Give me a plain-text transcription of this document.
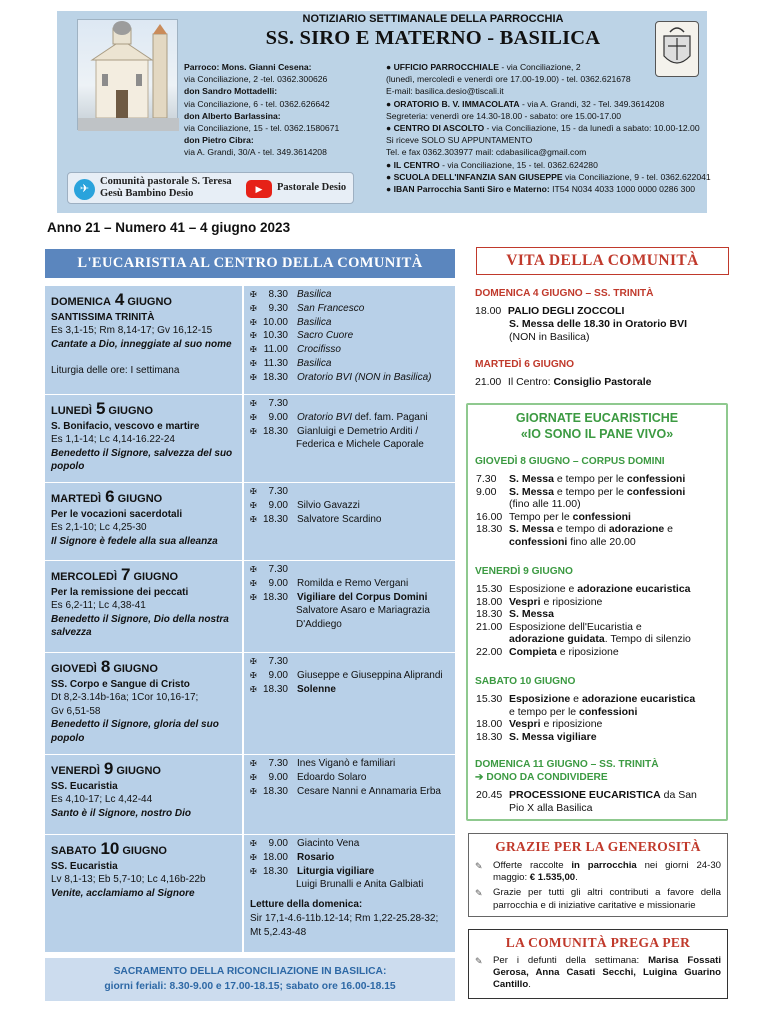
NOTIZIARIO SETTIMANALE DELLA PARROCCHIA
SS. SIRO E MATERNO - BASILICA
Parroco: Mons. Gianni Cesena:
via Conciliazione, 2 -tel. 0362.300626
don Sandro Mottadelli:
via Conciliazione, 6 - tel. 0362.626642
don Alberto Barlassina:
via Conciliazione, 15 - tel. 0362.1580671
don Pietro Cibra:
via A. Grandi, 30/A - tel. 349.3614208
● UFFICIO PARROCCHIALE - via Conciliazione, 2
(lunedì, mercoledì e venerdì ore 17.00-19.00) - tel. 0362.621678
E-mail: basilica.desio@tiscali.it
● ORATORIO B. V. IMMACOLATA - via A. Grandi, 32 - Tel. 349.3614208
Segreteria: venerdì ore 14.30-18.00 - sabato: ore 15.00-17.00
● CENTRO DI ASCOLTO - via Conciliazione, 15 - da lunedì a sabato: 10.00-12.00
Si riceve SOLO SU APPUNTAMENTO
Tel. e fax 0362.303977 mail: cdabasilica@gmail.com
● IL CENTRO - via Conciliazione, 15 - tel. 0362.624280
● SCUOLA DELL'INFANZIA SAN GIUSEPPE via Conciliazione, 9 - tel. 0362.622041
● IBAN Parrocchia Santi Siro e Materno: IT54 N034 4033 1000 0000 0286 300
✈
Comunità pastorale S. Teresa
Gesù Bambino Desio	▶	Pastorale Desio
Anno 21 – Numero 41 – 4 giugno 2023
L'EUCARISTIA AL CENTRO DELLA COMUNITÀ
DOMENICA 4 GIUGNO
SANTISSIMA TRINITÀ
Es 3,1-15; Rm 8,14-17; Gv 16,12-15
Cantate a Dio, inneggiate al suo nome
Liturgia delle ore: I settimana
✠	8.30 Basilica
✠	9.30 San Francesco
✠ 10.00 Basilica
✠ 10.30 Sacro Cuore
✠ 11.00 Crocifisso
✠ 11.30 Basilica
✠ 18.30 Oratorio BVI (NON in Basilica)
LUNEDÌ 5 GIUGNO
S. Bonifacio, vescovo e martire
Es 1,1-14; Lc 4,14-16.22-24
Benedetto il Signore, salvezza del suo
popolo
✠	7.30
✠	9.00 Oratorio BVI def. fam. Pagani
✠ 18.30 Gianluigi e Demetrio Arditi /
Federica e Michele Caporale
MARTEDÌ 6 GIUGNO
Per le vocazioni sacerdotali
Es 2,1-10; Lc 4,25-30
Il Signore è fedele alla sua alleanza
✠	7.30
✠	9.00 Silvio Gavazzi
✠ 18.30 Salvatore Scardino
MERCOLEDÌ 7 GIUGNO
Per la remissione dei peccati
Es 6,2-11; Lc 4,38-41
Benedetto il Signore, Dio della nostra
salvezza
✠	7.30
✠	9.00 Romilda e Remo Vergani
✠ 18.30 Vigiliare del Corpus Domini
Salvatore Asaro e Mariagrazia
D'Addiego
GIOVEDÌ 8 GIUGNO
SS. Corpo e Sangue di Cristo
Dt 8,2-3.14b-16a; 1Cor 10,16-17;
Gv 6,51-58
Benedetto il Signore, gloria del suo
popolo
✠	7.30
✠	9.00 Giuseppe e Giuseppina Aliprandi
✠ 18.30 Solenne
VENERDÌ 9 GIUGNO
SS. Eucaristia
Es 4,10-17; Lc 4,42-44
Santo è il Signore, nostro Dio
✠	7.30 Ines Viganò e familiari
✠	9.00 Edoardo Solaro
✠ 18.30 Cesare Nanni e Annamaria Erba
SABATO 10 GIUGNO
SS. Eucaristia
Lv 8,1-13; Eb 5,7-10; Lc 4,16b-22b
Venite, acclamiamo al Signore
✠	9.00 Giacinto Vena
✠ 18.00 Rosario
✠ 18.30 Liturgia vigiliare
Luigi Brunalli e Anita Galbiati
Letture della domenica:
Sir 17,1-4.6-11b.12-14; Rm 1,22-25.28-32;
Mt 5,2.43-48
SACRAMENTO DELLA RICONCILIAZIONE IN BASILICA:
giorni feriali: 8.30-9.00 e 17.00-18.15; sabato ore 16.00-18.15
VITA DELLA COMUNITÀ
DOMENICA 4 GIUGNO – SS. TRINITÀ
18.00 PALIO DEGLI ZOCCOLI
S. Messa delle 18.30 in Oratorio BVI
(NON in Basilica)
MARTEDÌ 6 GIUGNO
21.00 Il Centro: Consiglio Pastorale
GIORNATE EUCARISTICHE
«IO SONO IL PANE VIVO»
GIOVEDÌ 8 GIUGNO – CORPUS DOMINI
7.30 S. Messa e tempo per le confessioni
9.00 S. Messa e tempo per le confessioni
(fino alle 11.00)
16.00 Tempo per le confessioni
18.30 S. Messa e tempo di adorazione e
confessioni fino alle 20.00
VENERDÌ 9 GIUGNO
15.30 Esposizione e adorazione eucaristica
18.00 Vespri e riposizione
18.30 S. Messa
21.00 Esposizione dell'Eucaristia e
adorazione guidata. Tempo di silenzio
22.00 Compieta e riposizione
SABATO 10 GIUGNO
15.30 Esposizione e adorazione eucaristica
e tempo per le confessioni
18.00 Vespri e riposizione
18.30 S. Messa vigiliare
DOMENICA 11 GIUGNO – SS. TRINITÀ
➔ DONO DA CONDIVIDERE
20.45 PROCESSIONE EUCARISTICA da San
Pio X alla Basilica
GRAZIE PER LA GENEROSITÀ
✎	Offerte raccolte in parrocchia nei giorni 24-30 maggio: € 1.535,00.
✎	Grazie per tutti gli altri contributi a favore della parrocchia e di iniziative caritative e missionarie
LA COMUNITÀ PREGA PER
✎	Per i defunti della settimana: Marisa Fossati Gerosa, Anna Casati Secchi, Luigina Guarino Cantillo.
